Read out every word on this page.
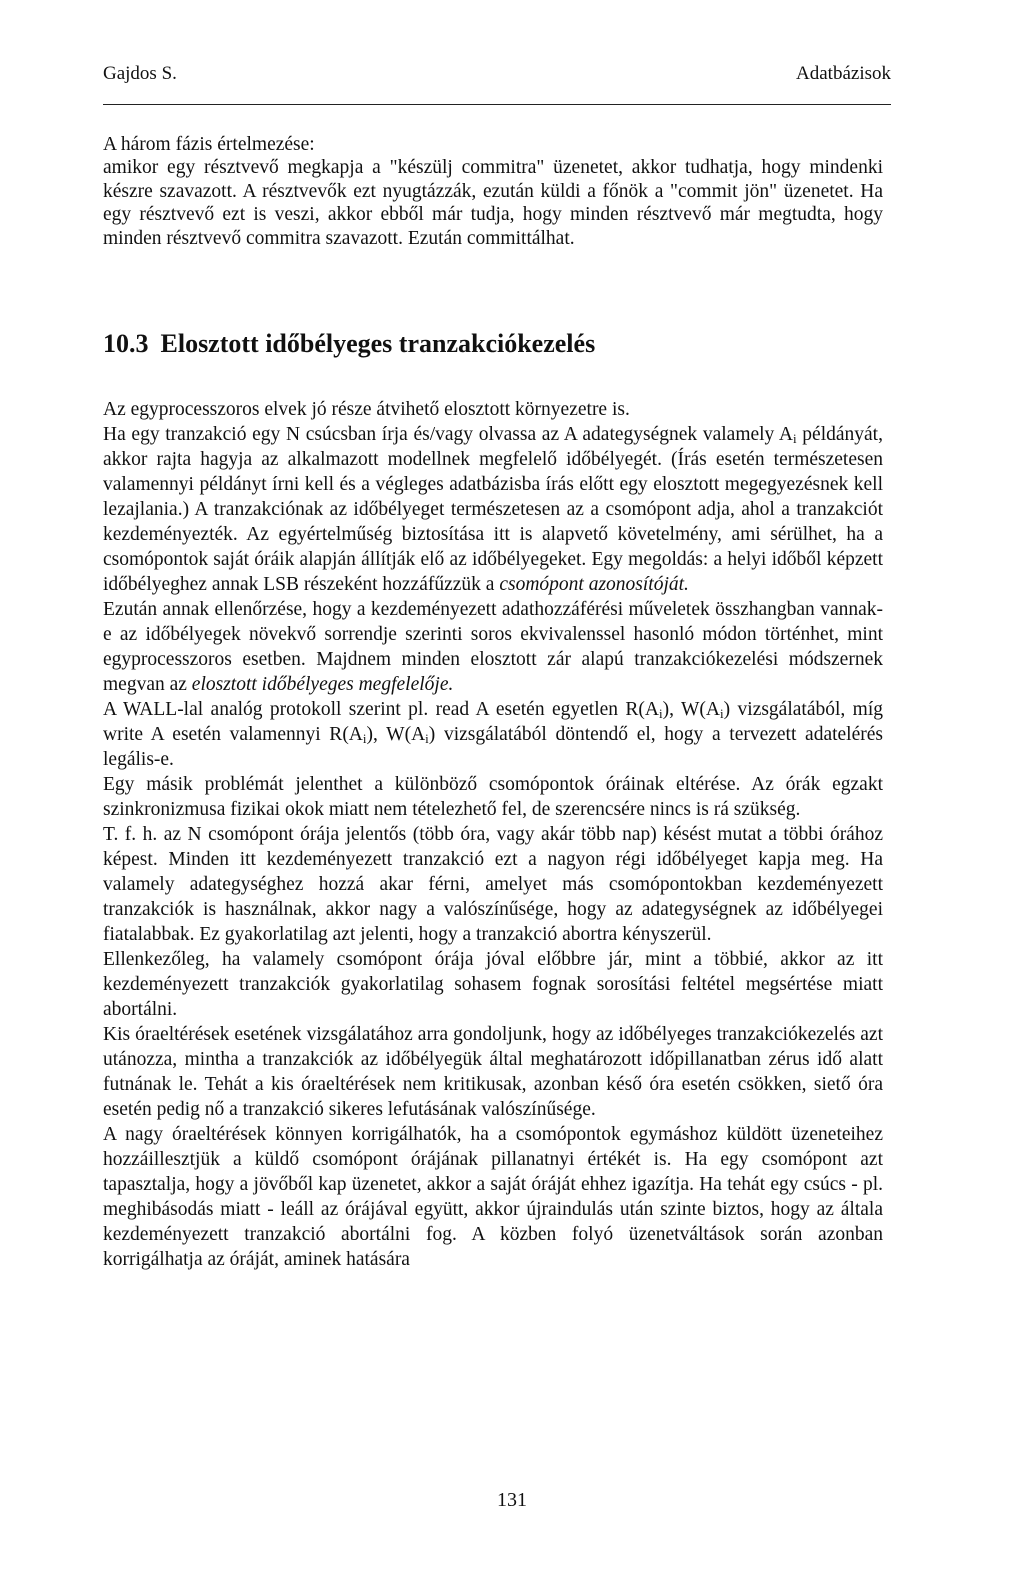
Gajdos S.	Adatbázisok

A három fázis értelmezése:

amikor egy résztvevő megkapja a "készülj commitra" üzenetet, akkor tudhatja, hogy mindenki készre szavazott. A résztvevők ezt nyugtázzák, ezután küldi a főnök a "commit jön" üzenetet. Ha egy résztvevő ezt is veszi, akkor ebből már tudja, hogy minden résztvevő már megtudta, hogy minden résztvevő commitra szavazott. Ezután committálhat.

10.3 Elosztott időbélyeges tranzakciókezelés

Az egyprocesszoros elvek jó része átvihető elosztott környezetre is.

Ha egy tranzakció egy N csúcsban írja és/vagy olvassa az A adategységnek valamely $A_i$ példányát, akkor rajta hagyja az alkalmazott modellnek megfelelő időbélyegét. (Írás esetén természetesen valamennyi példányt írni kell és a végleges adatbázisba írás előtt egy elosztott megegyezésnek kell lezajlania.) A tranzakciónak az időbélyeget természetesen az a csomópont adja, ahol a tranzakciót kezdeményezték. Az egyértelműség biztosítása itt is alapvető követelmény, ami sérülhet, ha a csomópontok saját óráik alapján állítják elő az időbélyegeket. Egy megoldás: a helyi időből képzett időbélyeghez annak LSB részeként hozzáfűzzük a csomópont azonosítóját.

Ezután annak ellenőrzése, hogy a kezdeményezett adathozzáférési műveletek összhangban vannak-e az időbélyegek növekvő sorrendje szerinti soros ekvivalenssel hasonló módon történhet, mint egyprocesszoros esetben. Majdnem minden elosztott zár alapú tranzakciókezelési módszernek megvan az elosztott időbélyeges megfelelője.

A WALL-lal analóg protokoll szerint pl. read A esetén egyetlen $R(A_i)$, $W(A_i)$ vizsgálatából, míg write A esetén valamennyi $R(A_i)$, $W(A_i)$ vizsgálatából döntendő el, hogy a tervezett adatelérés legális-e.

Egy másik problémát jelenthet a különböző csomópontok óráinak eltérése. Az órák egzakt szinkronizmusa fizikai okok miatt nem tételezhető fel, de szerencsére nincs is rá szükség.

T. f. h. az N csomópont órája jelentős (több óra, vagy akár több nap) késést mutat a többi órához képest. Minden itt kezdeményezett tranzakció ezt a nagyon régi időbélyeget kapja meg. Ha valamely adategységhez hozzá akar férni, amelyet más csomópontokban kezdeményezett tranzakciók is használnak, akkor nagy a valószínűsége, hogy az adategységnek az időbélyegei fiatalabbak. Ez gyakorlatilag azt jelenti, hogy a tranzakció abortra kényszerül.

Ellenkezőleg, ha valamely csomópont órája jóval előbbre jár, mint a többié, akkor az itt kezdeményezett tranzakciók gyakorlatilag sohasem fognak sorosítási feltétel megsértése miatt abortálni.

Kis óraeltérések esetének vizsgálatához arra gondoljunk, hogy az időbélyeges tranzakciókezelés azt utánozza, mintha a tranzakciók az időbélyegük által meghatározott időpillanatban zérus idő alatt futnának le. Tehát a kis óraeltérések nem kritikusak, azonban késő óra esetén csökken, siető óra esetén pedig nő a tranzakció sikeres lefutásának valószínűsége.

A nagy óraeltérések könnyen korrigálhatók, ha a csomópontok egymáshoz küldött üzeneteihez hozzáillesztjük a küldő csomópont órájának pillanatnyi értékét is. Ha egy csomópont azt tapasztalja, hogy a jövőből kap üzenetet, akkor a saját óráját ehhez igazítja. Ha tehát egy csúcs - pl. meghibásodás miatt - leáll az órájával együtt, akkor újraindulás után szinte biztos, hogy az általa kezdeményezett tranzakció abortálni fog. A közben folyó üzenetváltások során azonban korrigálhatja az óráját, aminek hatására

131
